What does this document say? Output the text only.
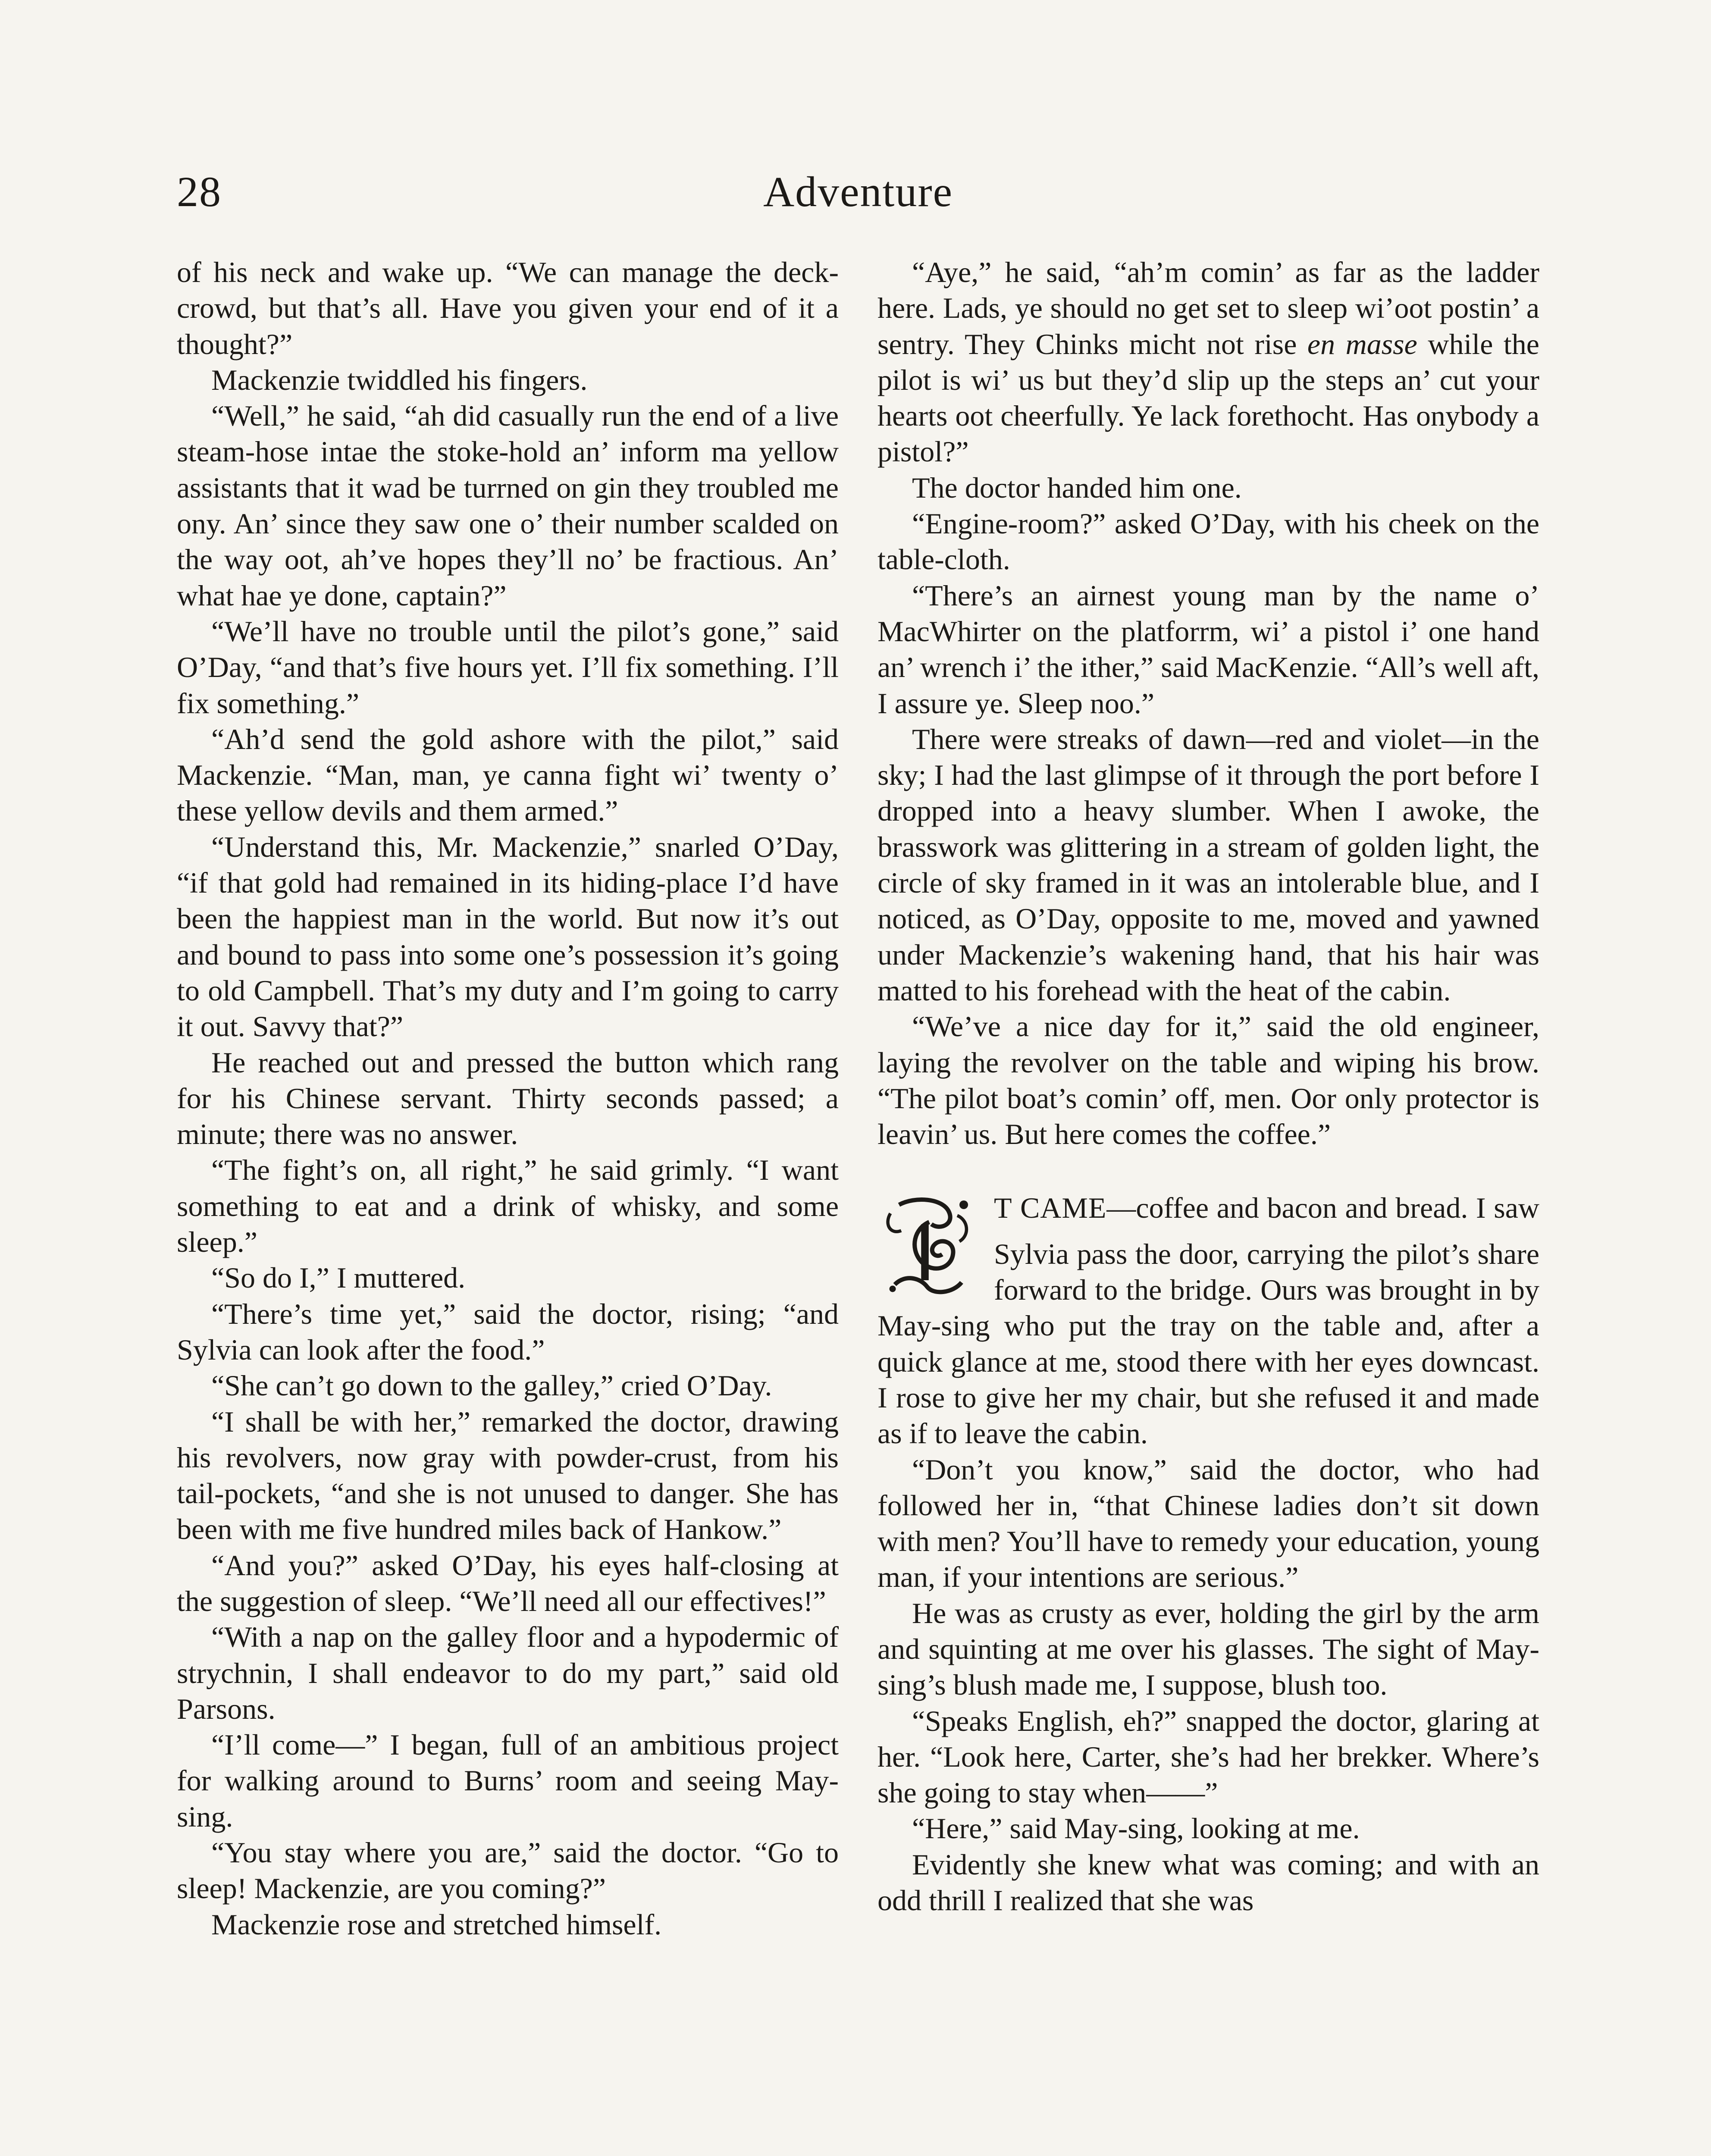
28	Adventure

of his neck and wake up. “We can manage the deck-crowd, but that’s all. Have you given your end of it a thought?”

Mackenzie twiddled his fingers.

“Well,” he said, “ah did casually run the end of a live steam-hose intae the stoke-hold an’ inform ma yellow assistants that it wad be turrned on gin they troubled me ony. An’ since they saw one o’ their number scalded on the way oot, ah’ve hopes they’ll no’ be fractious. An’ what hae ye done, captain?”

“We’ll have no trouble until the pilot’s gone,” said O’Day, “and that’s five hours yet. I’ll fix something. I’ll fix something.”

“Ah’d send the gold ashore with the pilot,” said Mackenzie. “Man, man, ye canna fight wi’ twenty o’ these yellow devils and them armed.”

“Understand this, Mr. Mackenzie,” snarled O’Day, “if that gold had remained in its hiding-place I’d have been the happiest man in the world. But now it’s out and bound to pass into some one’s possession it’s going to old Campbell. That’s my duty and I’m going to carry it out. Savvy that?”

He reached out and pressed the button which rang for his Chinese servant. Thirty seconds passed; a minute; there was no answer.

“The fight’s on, all right,” he said grimly. “I want something to eat and a drink of whisky, and some sleep.”

“So do I,” I muttered.

“There’s time yet,” said the doctor, rising; “and Sylvia can look after the food.”

“She can’t go down to the galley,” cried O’Day.

“I shall be with her,” remarked the doctor, drawing his revolvers, now gray with powder-crust, from his tail-pockets, “and she is not unused to danger. She has been with me five hundred miles back of Hankow.”

“And you?” asked O’Day, his eyes half-closing at the suggestion of sleep. “We’ll need all our effectives!”

“With a nap on the galley floor and a hypodermic of strychnin, I shall endeavor to do my part,” said old Parsons.

“I’ll come—” I began, full of an ambitious project for walking around to Burns’ room and seeing May-sing.

“You stay where you are,” said the doctor. “Go to sleep! Mackenzie, are you coming?”

Mackenzie rose and stretched himself.

“Aye,” he said, “ah’m comin’ as far as the ladder here. Lads, ye should no get set to sleep wi’oot postin’ a sentry. They Chinks micht not rise en masse while the pilot is wi’ us but they’d slip up the steps an’ cut your hearts oot cheerfully. Ye lack forethocht. Has onybody a pistol?”

The doctor handed him one.

“Engine-room?” asked O’Day, with his cheek on the table-cloth.

“There’s an airnest young man by the name o’ MacWhirter on the platforrm, wi’ a pistol i’ one hand an’ wrench i’ the ither,” said MacKenzie. “All’s well aft, I assure ye. Sleep noo.”

There were streaks of dawn—red and violet—in the sky; I had the last glimpse of it through the port before I dropped into a heavy slumber. When I awoke, the brasswork was glittering in a stream of golden light, the circle of sky framed in it was an intolerable blue, and I noticed, as O’Day, opposite to me, moved and yawned under Mackenzie’s wakening hand, that his hair was matted to his forehead with the heat of the cabin.

“We’ve a nice day for it,” said the old engineer, laying the revolver on the table and wiping his brow. “The pilot boat’s comin’ off, men. Oor only protector is leavin’ us. But here comes the coffee.”

T CAME—coffee and bacon and bread. I saw Sylvia pass the door, carrying the pilot’s share forward to the bridge. Ours was brought in by May-sing who put the tray on the table and, after a quick glance at me, stood there with her eyes downcast. I rose to give her my chair, but she refused it and made as if to leave the cabin.

“Don’t you know,” said the doctor, who had followed her in, “that Chinese ladies don’t sit down with men? You’ll have to remedy your education, young man, if your intentions are serious.”

He was as crusty as ever, holding the girl by the arm and squinting at me over his glasses. The sight of May-sing’s blush made me, I suppose, blush too.

“Speaks English, eh?” snapped the doctor, glaring at her. “Look here, Carter, she’s had her brekker. Where’s she going to stay when——”

“Here,” said May-sing, looking at me.

Evidently she knew what was coming; and with an odd thrill I realized that she was
